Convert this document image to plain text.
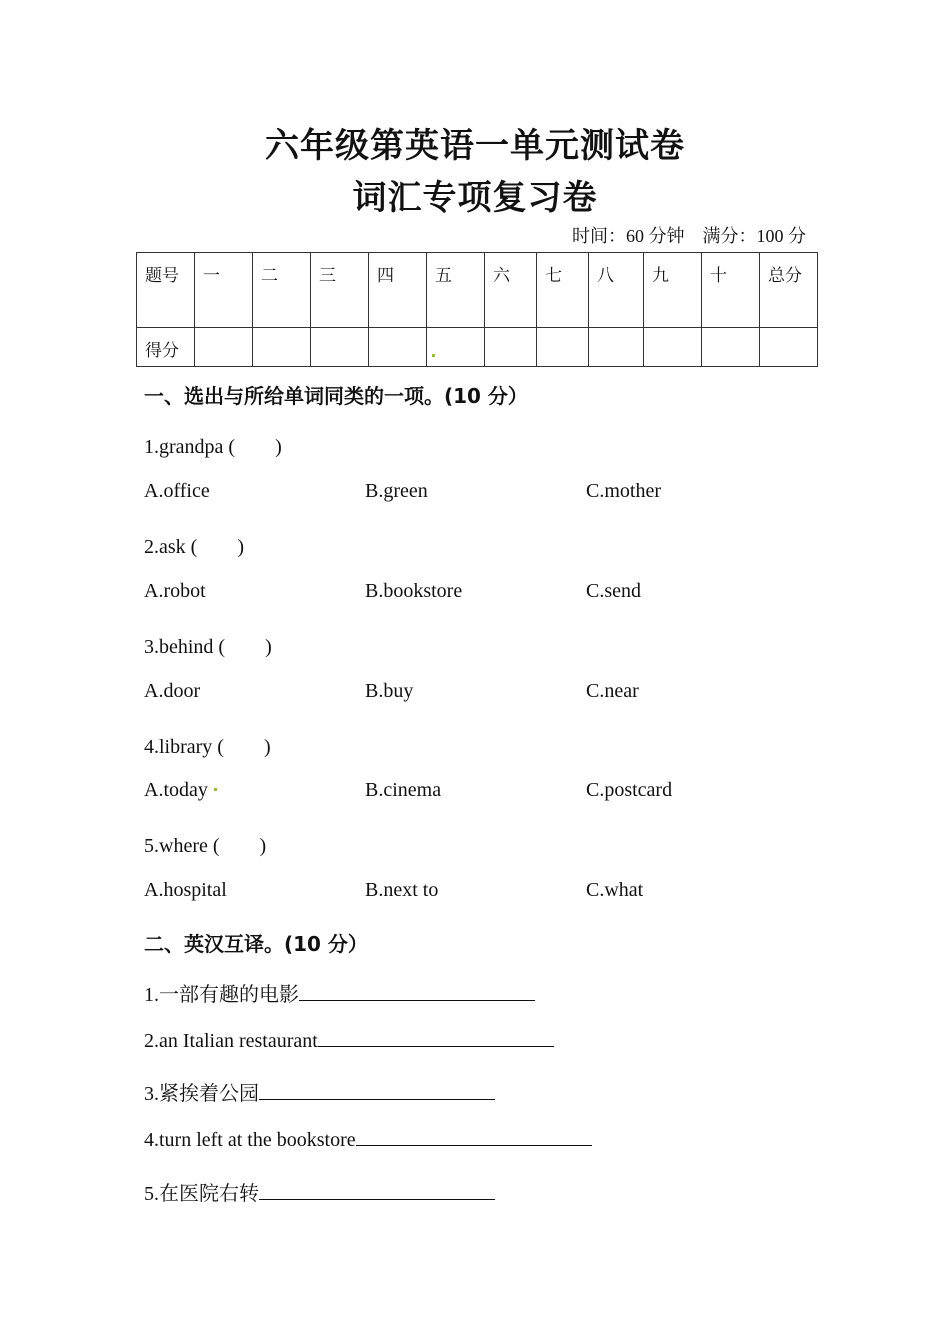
六年级第英语一单元测试卷
词汇专项复习卷
时间：60 分钟 满分：100 分
题号	一	二	三	四	五	六	七	八	九	十	总分
得分											
一、选出与所给单词同类的一项。(10 分）
1.grandpa (　　)
A.office	B.green	C.mother
2.ask (　　)
A.robot	B.bookstore	C.send
3.behind (　　)
A.door	B.buy	C.near
4.library (　　)
A.today	B.cinema	C.postcard
5.where (　　)
A.hospital	B.next to	C.what
二、英汉互译。(10 分）
1.一部有趣的电影
2.an Italian restaurant
3.紧挨着公园
4.turn left at the bookstore
5.在医院右转
